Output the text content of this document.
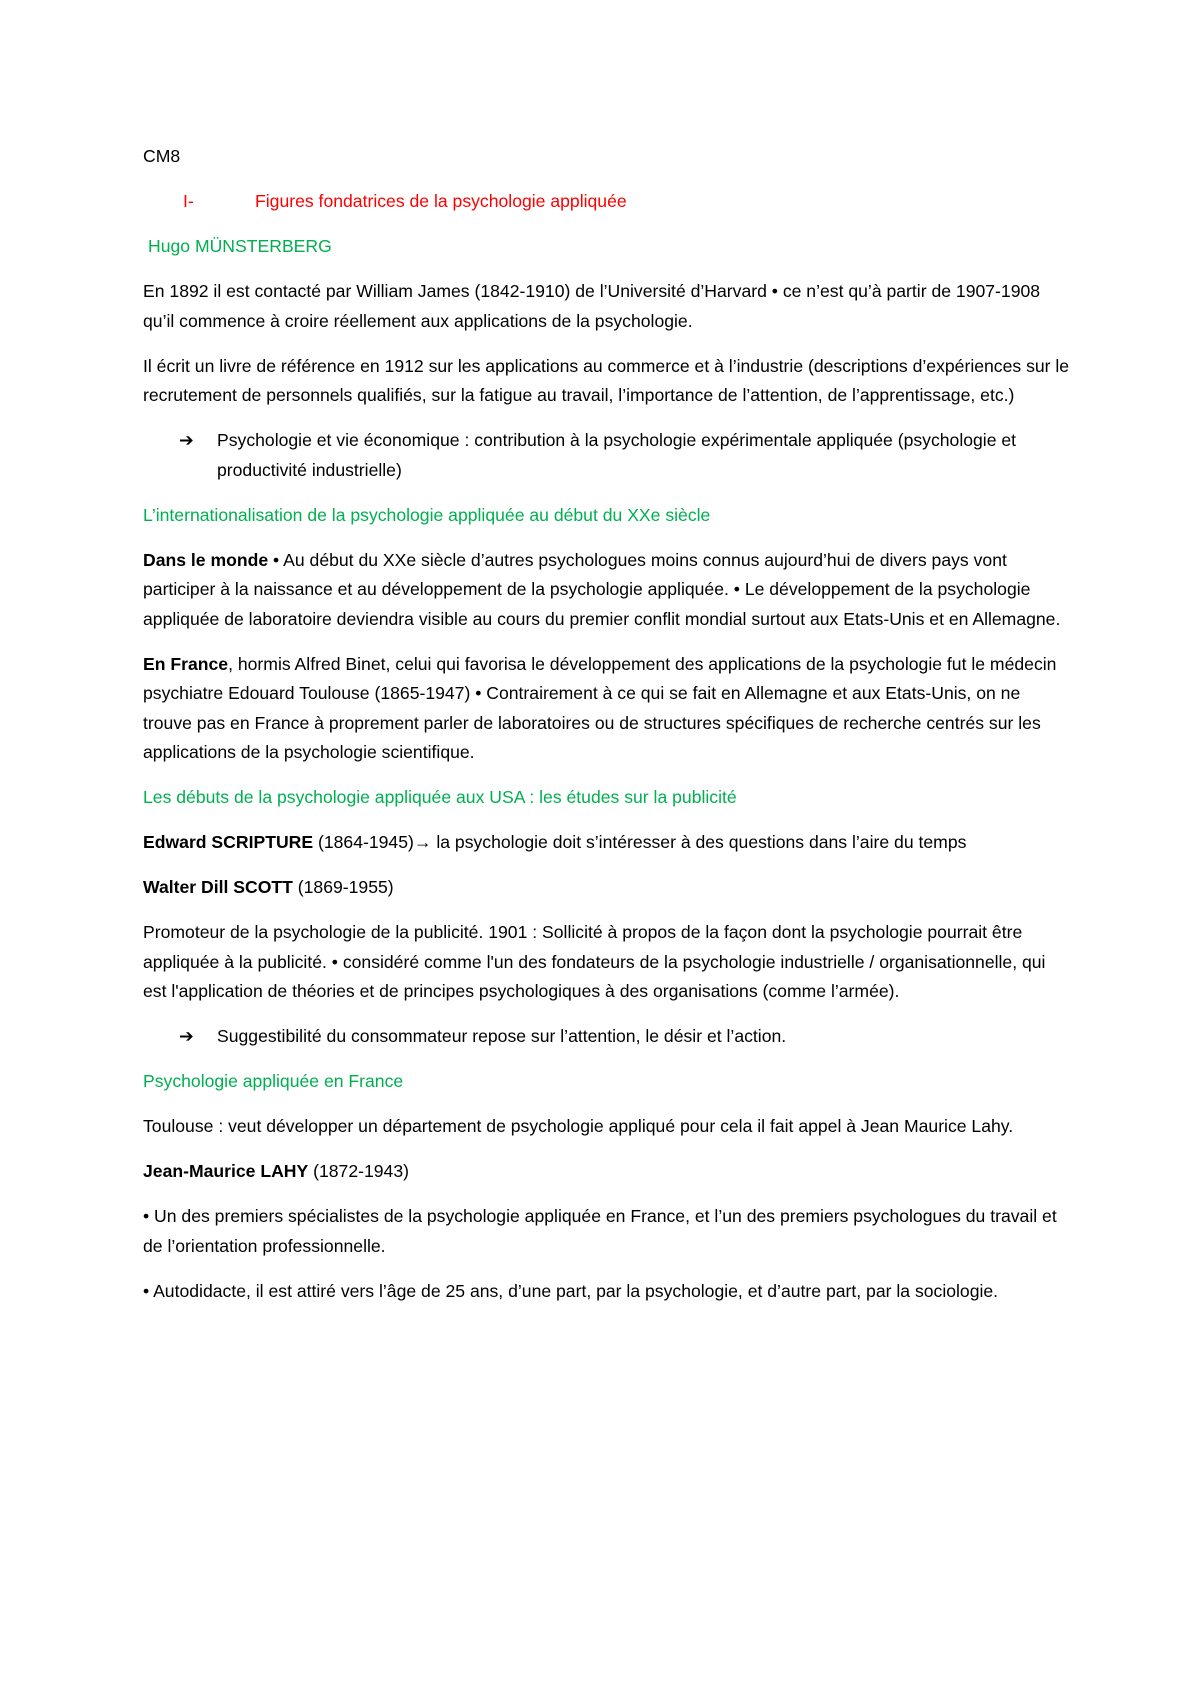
CM8

I-	Figures fondatrices de la psychologie appliquée

Hugo MÜNSTERBERG

En 1892 il est contacté par William James (1842-1910) de l’Université d’Harvard • ce n’est qu’à partir de 1907-1908 qu’il commence à croire réellement aux applications de la psychologie.

Il écrit un livre de référence en 1912 sur les applications au commerce et à l’industrie (descriptions d’expériences sur le recrutement de personnels qualifiés, sur la fatigue au travail, l’importance de l’attention, de l’apprentissage, etc.)

➔	Psychologie et vie économique : contribution à la psychologie expérimentale appliquée (psychologie et productivité industrielle)

L’internationalisation de la psychologie appliquée au début du XXe siècle

Dans le monde • Au début du XXe siècle d’autres psychologues moins connus aujourd’hui de divers pays vont participer à la naissance et au développement de la psychologie appliquée. • Le développement de la psychologie appliquée de laboratoire deviendra visible au cours du premier conflit mondial surtout aux Etats-Unis et en Allemagne.

En France, hormis Alfred Binet, celui qui favorisa le développement des applications de la psychologie fut le médecin psychiatre Edouard Toulouse (1865-1947) • Contrairement à ce qui se fait en Allemagne et aux Etats-Unis, on ne trouve pas en France à proprement parler de laboratoires ou de structures spécifiques de recherche centrés sur les applications de la psychologie scientifique.

Les débuts de la psychologie appliquée aux USA : les études sur la publicité

Edward SCRIPTURE (1864-1945)→ la psychologie doit s’intéresser à des questions dans l’aire du temps

Walter Dill SCOTT (1869-1955)

Promoteur de la psychologie de la publicité. 1901 : Sollicité à propos de la façon dont la psychologie pourrait être appliquée à la publicité. • considéré comme l'un des fondateurs de la psychologie industrielle / organisationnelle, qui est l'application de théories et de principes psychologiques à des organisations (comme l’armée).

➔	Suggestibilité du consommateur repose sur l’attention, le désir et l’action.

Psychologie appliquée en France

Toulouse : veut développer un département de psychologie appliqué pour cela il fait appel à Jean Maurice Lahy.

Jean-Maurice LAHY (1872-1943)

• Un des premiers spécialistes de la psychologie appliquée en France, et l’un des premiers psychologues du travail et de l’orientation professionnelle.

• Autodidacte, il est attiré vers l’âge de 25 ans, d’une part, par la psychologie, et d’autre part, par la sociologie.
